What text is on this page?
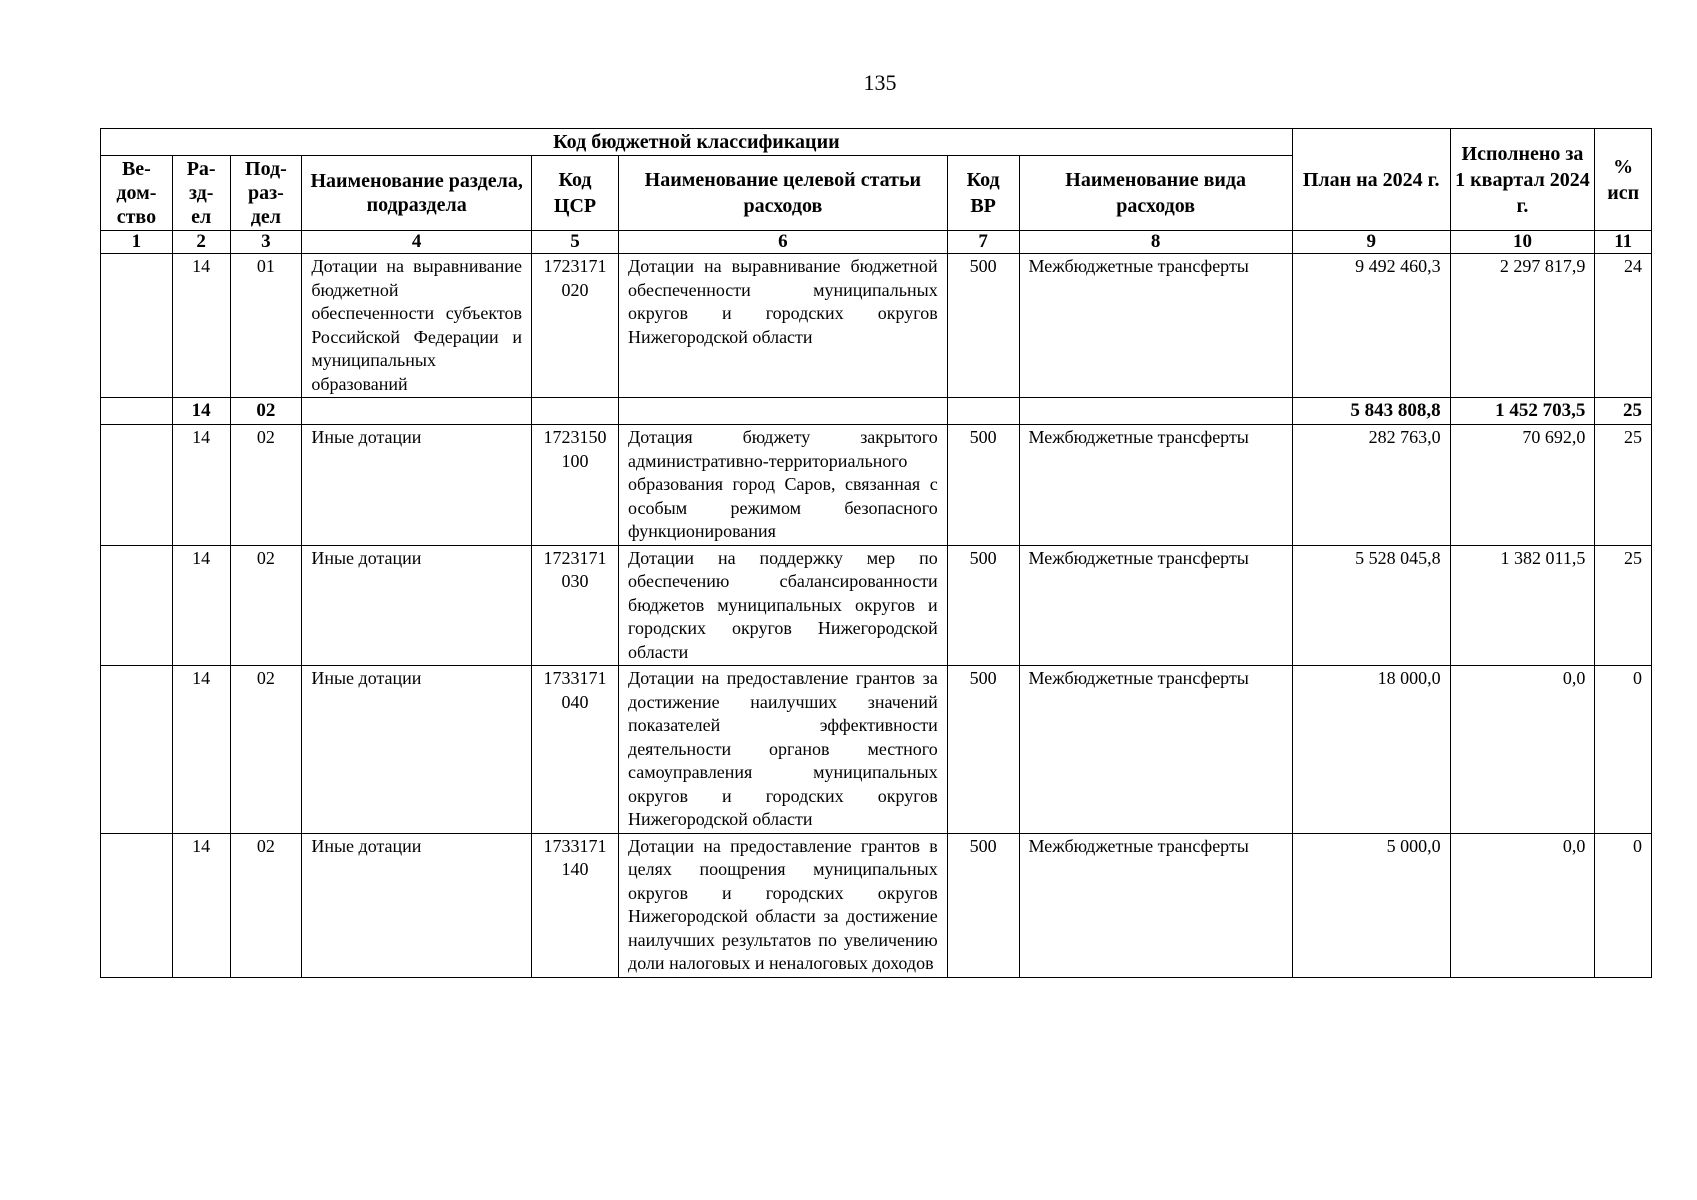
135
Код бюджетной классификации								План на 2024 г.	Исполнено за 1 квартал 2024 г.	% исп
Ве-
дом-
ство	Ра-
зд-
ел	Под-
раз-
дел	Наименование раздела, подраздела	Код ЦСР	Наименование целевой статьи расходов	Код ВР	Наименование вида расходов			
1	2	3	4	5	6	7	8	9	10	11
	14	01	Дотации на выравнивание бюджетной обеспеченности субъектов Российской Федерации и муниципальных образований	1723171020	Дотации на выравнивание бюджетной обеспеченности муниципальных округов и городских округов Нижегородской области	500	Межбюджетные трансферты	9 492 460,3	2 297 817,9	24
	14	02						5 843 808,8	1 452 703,5	25
	14	02	Иные дотации	1723150100	Дотация бюджету закрытого административно-территориального образования город Саров, связанная с особым режимом безопасного функционирования	500	Межбюджетные трансферты	282 763,0	70 692,0	25
	14	02	Иные дотации	1723171030	Дотации на поддержку мер по обеспечению сбалансированности бюджетов муниципальных округов и городских округов Нижегородской области	500	Межбюджетные трансферты	5 528 045,8	1 382 011,5	25
	14	02	Иные дотации	1733171040	Дотации на предоставление грантов за достижение наилучших значений показателей эффективности деятельности органов местного самоуправления муниципальных округов и городских округов Нижегородской области	500	Межбюджетные трансферты	18 000,0	0,0	0
	14	02	Иные дотации	1733171140	Дотации на предоставление грантов в целях поощрения муниципальных округов и городских округов Нижегородской области за достижение наилучших результатов по увеличению доли налоговых и неналоговых доходов	500	Межбюджетные трансферты	5 000,0	0,0	0
